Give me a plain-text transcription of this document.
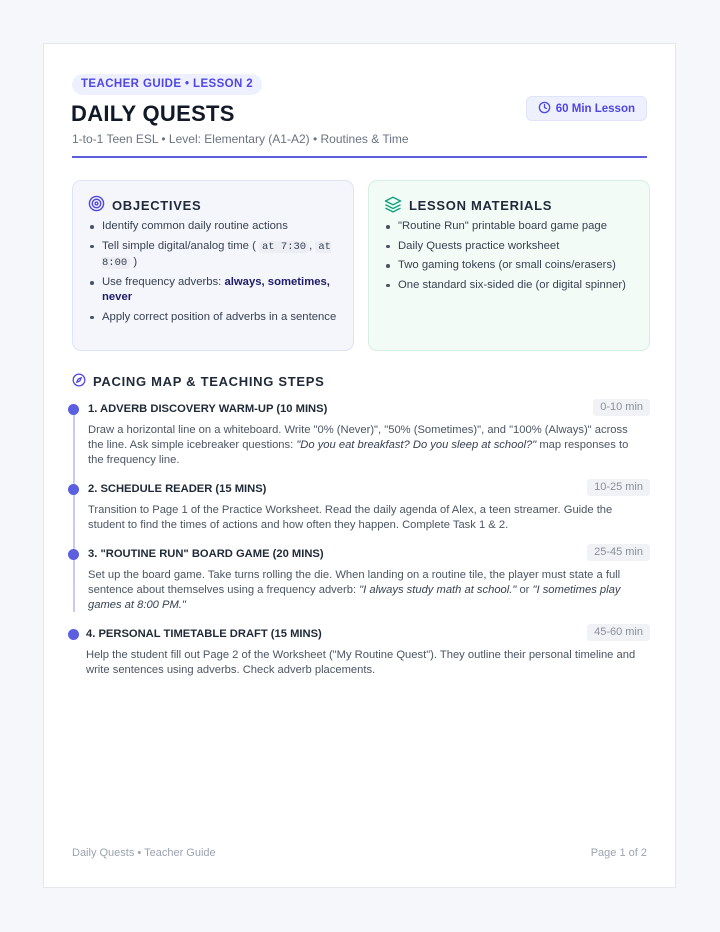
TEACHER GUIDE • LESSON 2
DAILY QUESTS
1-to-1 Teen ESL • Level: Elementary (A1-A2) • Routines & Time
60 Min Lesson
OBJECTIVES
Identify common daily routine actions
Tell simple digital/analog time ( at 7:30 , at 8:00 )
Use frequency adverbs: always, sometimes, never
Apply correct position of adverbs in a sentence
LESSON MATERIALS
"Routine Run" printable board game page
Daily Quests practice worksheet
Two gaming tokens (or small coins/erasers)
One standard six-sided die (or digital spinner)
PACING MAP & TEACHING STEPS
1. ADVERB DISCOVERY WARM-UP (10 MINS)	0-10 min
Draw a horizontal line on a whiteboard. Write "0% (Never)", "50% (Sometimes)", and "100% (Always)" across the line. Ask simple icebreaker questions: "Do you eat breakfast? Do you sleep at school?" map responses to the frequency line.
2. SCHEDULE READER (15 MINS)	10-25 min
Transition to Page 1 of the Practice Worksheet. Read the daily agenda of Alex, a teen streamer. Guide the student to find the times of actions and how often they happen. Complete Task 1 & 2.
3. "ROUTINE RUN" BOARD GAME (20 MINS)	25-45 min
Set up the board game. Take turns rolling the die. When landing on a routine tile, the player must state a full sentence about themselves using a frequency adverb: "I always study math at school." or "I sometimes play games at 8:00 PM."
4. PERSONAL TIMETABLE DRAFT (15 MINS)	45-60 min
Help the student fill out Page 2 of the Worksheet ("My Routine Quest"). They outline their personal timeline and write sentences using adverbs. Check adverb placements.
Daily Quests • Teacher Guide	Page 1 of 2
